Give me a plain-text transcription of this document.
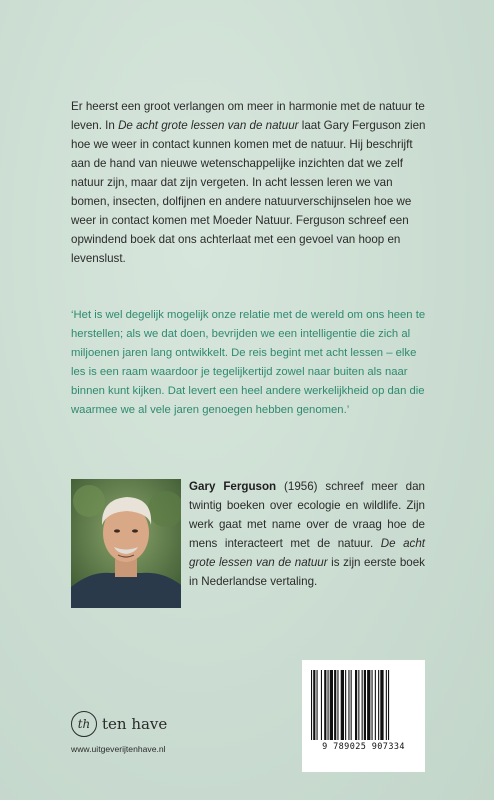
Er heerst een groot verlangen om meer in harmonie met de natuur te leven. In De acht grote lessen van de natuur laat Gary Ferguson zien hoe we weer in contact kunnen komen met de natuur. Hij beschrijft aan de hand van nieuwe wetenschappelijke inzichten dat we zelf natuur zijn, maar dat zijn vergeten. In acht lessen leren we van bomen, insecten, dolfijnen en andere natuurverschijnselen hoe we weer in contact komen met Moeder Natuur. Ferguson schreef een opwindend boek dat ons achterlaat met een gevoel van hoop en levenslust.

‘Het is wel degelijk mogelijk onze relatie met de wereld om ons heen te herstellen; als we dat doen, bevrijden we een intelligentie die zich al miljoenen jaren lang ontwikkelt. De reis begint met acht lessen – elke les is een raam waardoor je tegelijkertijd zowel naar buiten als naar binnen kunt kijken. Dat levert een heel andere werkelijkheid op dan die waarmee we al vele jaren genoegen hebben genomen.’

Gary Ferguson (1956) schreef meer dan twintig boeken over ecologie en wildlife. Zijn werk gaat met name over de vraag hoe de mens interacteert met de natuur. De acht grote lessen van de natuur is zijn eerste boek in Nederlandse vertaling.

9 789025 907334
th ten have
www.uitgeverijtenhave.nl
